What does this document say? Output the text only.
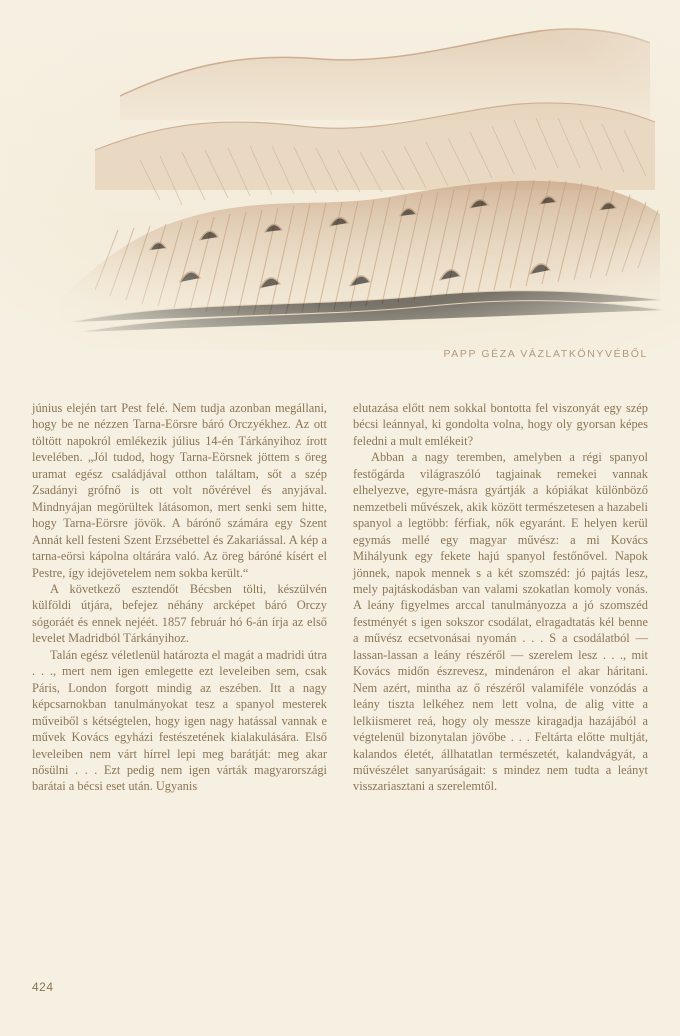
PAPP GÉZA VÁZLATKÖNYVÉBŐL

június elején tart Pest felé. Nem tudja azonban megállani, hogy be ne nézzen Tarna-Eörsre báró Orczyékhez. Az ott töltött napokról emlékezik július 14-én Tárkányihoz írott levelében. „Jól tudod, hogy Tarna-Eörsnek jöttem s öreg uramat egész családjával otthon találtam, sőt a szép Zsadányi grófnő is ott volt nővérével és anyjával. Mindnyájan megörültek látásomon, mert senki sem hitte, hogy Tarna-Eörsre jövök. A bárónő számára egy Szent Annát kell festeni Szent Erzsébettel és Zakariással. A kép a tarna-eörsi kápolna oltárára való. Az öreg báróné kísért el Pestre, így idejövetelem nem sokba került.“

A következő esztendőt Bécsben tölti, készülvén külföldi útjára, befejez néhány arcképet báró Orczy sógoráét és ennek nejéét. 1857 február hó 6-án írja az első levelet Madridból Tárkányihoz.

Talán egész véletlenül határozta el magát a madridi útra . . ., mert nem igen emlegette ezt leveleiben sem, csak Páris, London forgott mindig az eszében. Itt a nagy képcsarnokban tanulmányokat tesz a spanyol mesterek műveiből s kétségtelen, hogy igen nagy hatással vannak e művek Kovács egyházi festészetének kialakulására. Első leveleiben nem várt hírrel lepi meg barátját: meg akar nősülni . . . Ezt pedig nem igen várták magyarországi barátai a bécsi eset után. Ugyanis

elutazása előtt nem sokkal bontotta fel viszonyát egy szép bécsi leánnyal, ki gondolta volna, hogy oly gyorsan képes feledni a mult emlékeit?

Abban a nagy teremben, amelyben a régi spanyol festőgárda világraszóló tagjainak remekei vannak elhelyezve, egyre-másra gyártják a kópiákat különböző nemzetbeli művészek, akik között természetesen a hazabeli spanyol a legtöbb: férfiak, nők egyaránt. E helyen kerül egymás mellé egy magyar művész: a mi Kovács Mihályunk egy fekete hajú spanyol festőnővel. Napok jönnek, napok mennek s a két szomszéd: jó pajtás lesz, mely pajtáskodásban van valami szokatlan komoly vonás. A leány figyelmes arccal tanulmányozza a jó szomszéd festményét s igen sokszor csodálat, elragadtatás kél benne a művész ecsetvonásai nyomán . . . S a csodálatból — lassan-lassan a leány részéről — szerelem lesz . . ., mit Kovács midőn észrevesz, mindenáron el akar háritani. Nem azért, mintha az ő részéről valamiféle vonzódás a leány tiszta lelkéhez nem lett volna, de alig vitte a lelkiismeret reá, hogy oly messze kiragadja hazájából a végtelenül bizonytalan jövőbe . . . Feltárta előtte multját, kalandos életét, állhatatlan természetét, kalandvágyát, a művészélet sanyarúságait: s mindez nem tudta a leányt visszariasztani a szerelemtől.

424
